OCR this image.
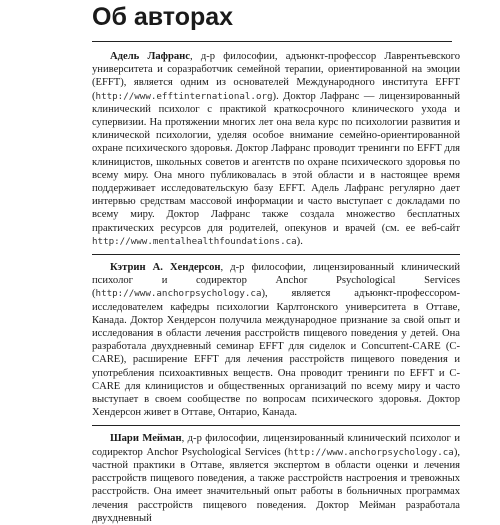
Об авторах

Адель Лафранс, д-р философии, адъюнкт-профессор Лаврентьевского университета и соразработчик семейной терапии, ориентированной на эмоции (EFFT), является одним из основателей Международного института EFFT (http://www.efftinternational.org). Доктор Лафранс — лицензированный клинический психолог с практикой краткосрочного клинического ухода и супервизии. На протяжении многих лет она вела курс по психологии развития и клинической психологии, уделяя особое внимание семейно-ориентированной охране психического здоровья. Доктор Лафранс проводит тренинги по EFFT для клиницистов, школьных советов и агентств по охране психического здоровья по всему миру. Она много публиковалась в этой области и в настоящее время поддерживает исследовательскую базу EFFT. Адель Лафранс регулярно дает интервью средствам массовой информации и часто выступает с докладами по всему миру. Доктор Лафранс также создала множество бесплатных практических ресурсов для родителей, опекунов и врачей (см. ее веб-сайт http://www.mentalhealthfoundations.ca).

Кэтрин А. Хендерсон, д-р философии, лицензированный клинический психолог и содиректор Anchor Psychological Services (http://www.anchorpsychology.ca), является адъюнкт-профессором-исследователем кафедры психологии Карлтонского университета в Оттаве, Канада. Доктор Хендерсон получила международное признание за свой опыт и исследования в области лечения расстройств пищевого поведения у детей. Она разработала двухдневный семинар EFFT для сиделок и Concurrent-CARE (C-CARE), расширение EFFT для лечения расстройств пищевого поведения и употребления психоактивных веществ. Она проводит тренинги по EFFT и C-CARE для клиницистов и общественных организаций по всему миру и часто выступает в своем сообществе по вопросам психического здоровья. Доктор Хендерсон живет в Оттаве, Онтарио, Канада.

Шари Мейман, д-р философии, лицензированный клинический психолог и содиректор Anchor Psychological Services (http://www.anchorpsychology.ca), частной практики в Оттаве, является экспертом в области оценки и лечения расстройств пищевого поведения, а также расстройств настроения и тревожных расстройств. Она имеет значительный опыт работы в больничных программах лечения расстройств пищевого поведения. Доктор Мейман разработала двухдневный
